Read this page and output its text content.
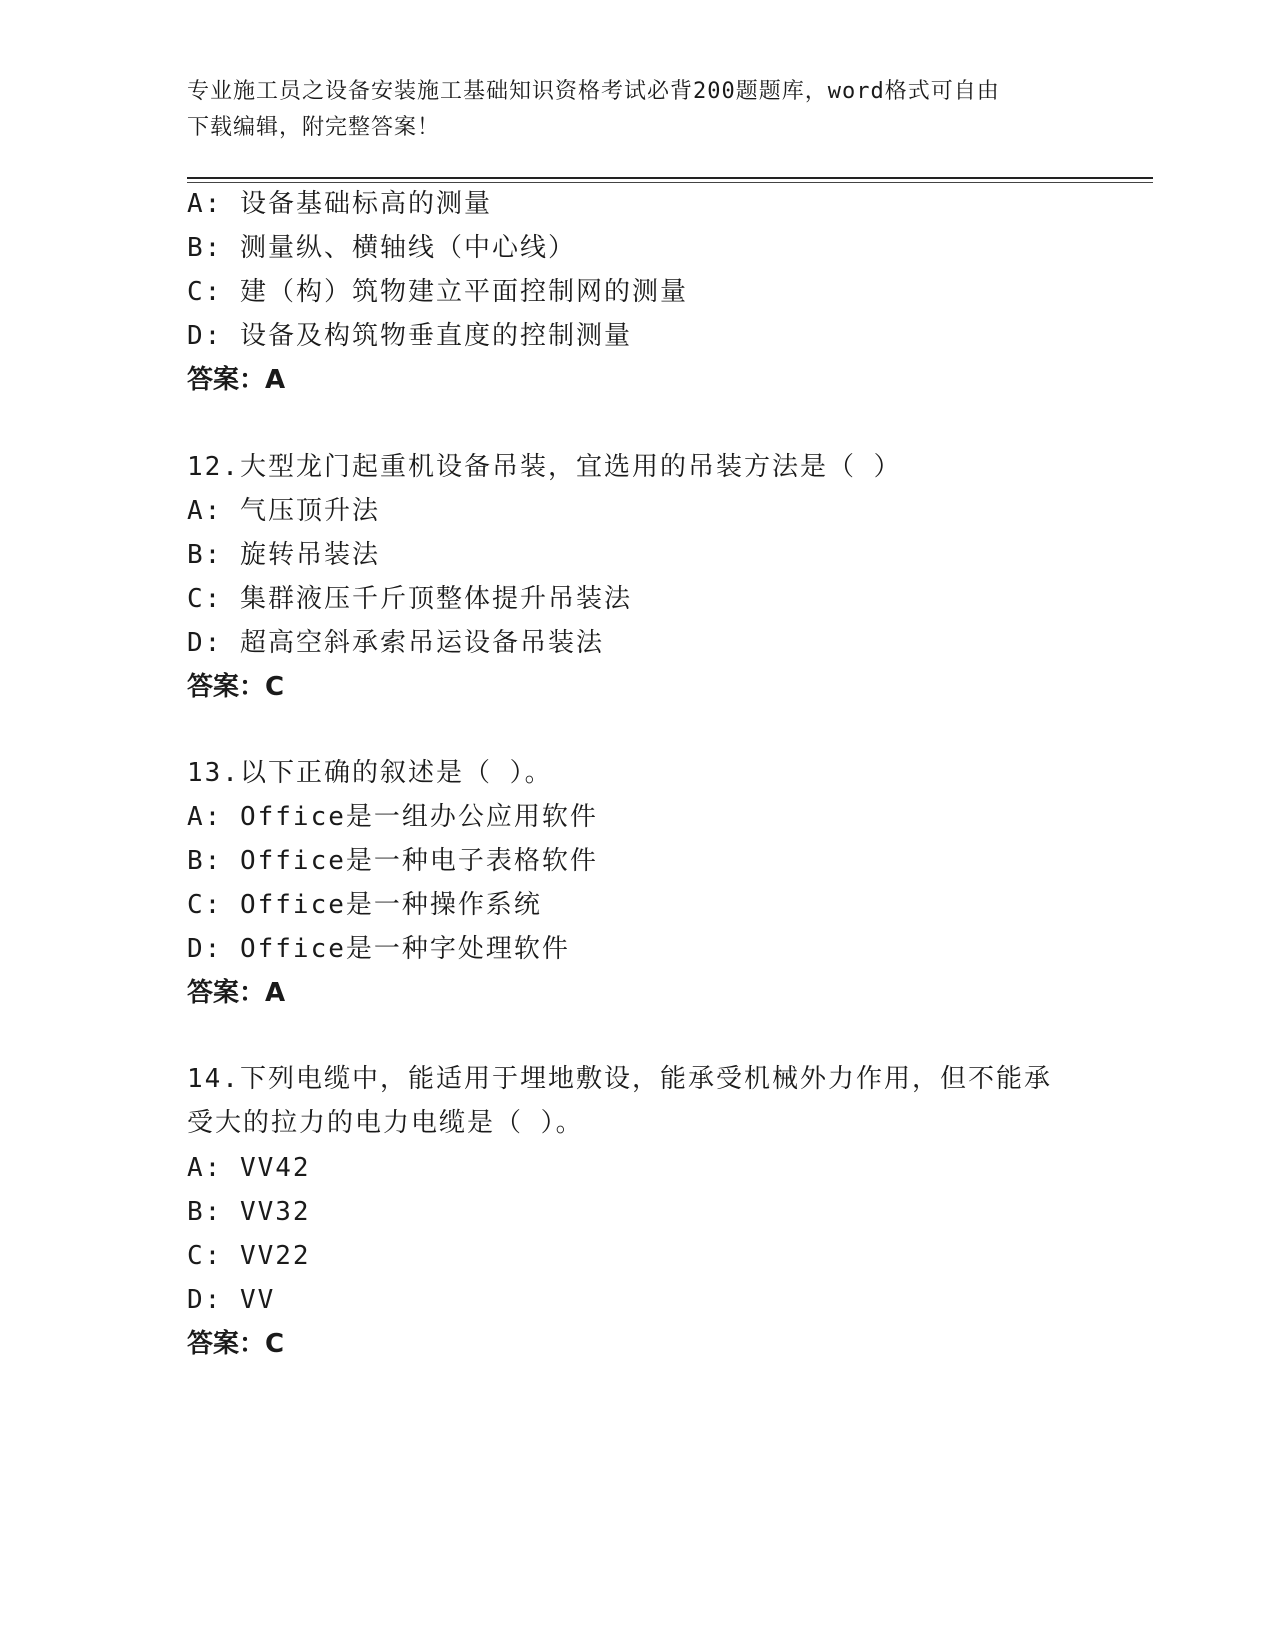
专业施工员之设备安装施工基础知识资格考试必背200题题库，word格式可自由
下载编辑，附完整答案！
A: 设备基础标高的测量
B: 测量纵、横轴线（中心线）
C: 建（构）筑物建立平面控制网的测量
D: 设备及构筑物垂直度的控制测量
答案：A
12.大型龙门起重机设备吊装，宜选用的吊装方法是（ ）
A: 气压顶升法
B: 旋转吊装法
C: 集群液压千斤顶整体提升吊装法
D: 超高空斜承索吊运设备吊装法
答案：C
13.以下正确的叙述是（ ）。
A: Office是一组办公应用软件
B: Office是一种电子表格软件
C: Office是一种操作系统
D: Office是一种字处理软件
答案：A
14.下列电缆中，能适用于埋地敷设，能承受机械外力作用，但不能承
受大的拉力的电力电缆是（ ）。
A: VV42
B: VV32
C: VV22
D: VV
答案：C
